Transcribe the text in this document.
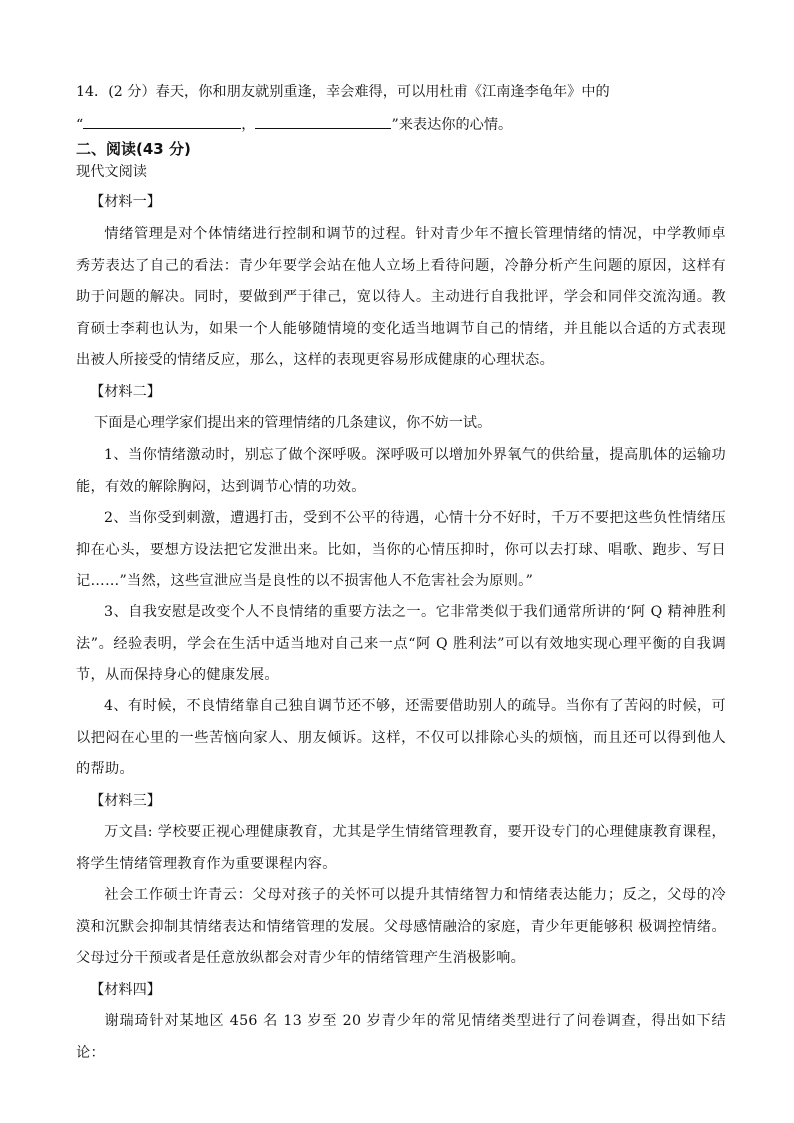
14．(2 分）春天，你和朋友就别重逢，幸会难得，可以用杜甫《江南逢李龟年》中的
“	，	”来表达你的心情。
二、阅读(43 分)
现代文阅读
【材料一】
情绪管理是对个体情绪进行控制和调节的过程。针对青少年不擅长管理情绪的情况，中学教师卓秀芳表达了自己的看法：青少年要学会站在他人立场上看待问题，冷静分析产生问题的原因，这样有助于问题的解决。同时，要做到严于律己，宽以待人。主动进行自我批评，学会和同伴交流沟通。教育硕士李莉也认为，如果一个人能够随情境的变化适当地调节自己的情绪，并且能以合适的方式表现出被人所接受的情绪反应，那么，这样的表现更容易形成健康的心理状态。
【材料二】
下面是心理学家们提出来的管理情绪的几条建议，你不妨一试。
1、当你情绪激动时，别忘了做个深呼吸。深呼吸可以增加外界氧气的供给量，提高肌体的运输功能，有效的解除胸闷，达到调节心情的功效。
2、当你受到刺激，遭遇打击，受到不公平的待遇，心情十分不好时，千万不要把这些负性情绪压抑在心头，要想方设法把它发泄出来。比如，当你的心情压抑时，你可以去打球、唱歌、跑步、写日记……”当然，这些宣泄应当是良性的以不损害他人不危害社会为原则。”
3、自我安慰是改变个人不良情绪的重要方法之一。它非常类似于我们通常所讲的‘阿 Q 精神胜利法”。经验表明，学会在生活中适当地对自己来一点“阿 Q 胜利法”可以有效地实现心理平衡的自我调节，从而保持身心的健康发展。
4、有时候，不良情绪靠自己独自调节还不够，还需要借助别人的疏导。当你有了苦闷的时候，可以把闷在心里的一些苦恼向家人、朋友倾诉。这样，不仅可以排除心头的烦恼，而且还可以得到他人的帮助。
【材料三】
万文昌: 学校要正视心理健康教育，尤其是学生情绪管理教育，要开设专门的心理健康教育课程，将学生情绪管理教育作为重要课程内容。
社会工作硕士许青云：父母对孩子的关怀可以提升其情绪智力和情绪表达能力；反之，父母的冷漠和沉默会抑制其情绪表达和情绪管理的发展。父母感情融洽的家庭，青少年更能够积 极调控情绪。父母过分干预或者是任意放纵都会对青少年的情绪管理产生消极影响。
【材料四】
谢瑞琦针对某地区 456 名 13 岁至 20 岁青少年的常见情绪类型进行了问卷调查，得出如下结论：
